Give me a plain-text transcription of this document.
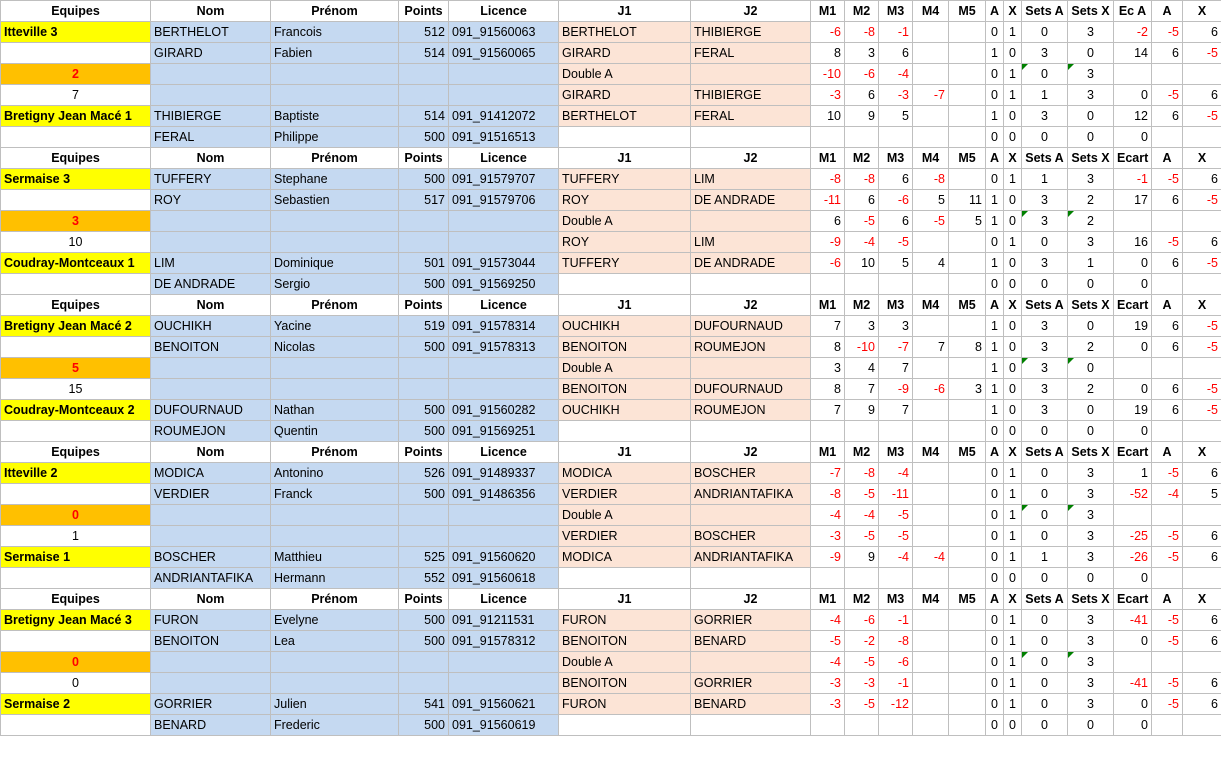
Equipes	Nom	Prénom	Points	Licence	J1	J2	M1	M2	M3	M4	M5	A	X	Sets A	Sets X	Ec A	A	X
Itteville 3	BERTHELOT	Francois	512	091_91560063	BERTHELOT	THIBIERGE	-6	-8	-1			0	1	0	3	-2	-5	6
	GIRARD	Fabien	514	091_91560065	GIRARD	FERAL	8	3	6			1	0	3	0	14	6	-5
2					Double A		-10	-6	-4			0	1	0	3			
7					GIRARD	THIBIERGE	-3	6	-3	-7		0	1	1	3	0	-5	6
Bretigny Jean Macé 1	THIBIERGE	Baptiste	514	091_91412072	BERTHELOT	FERAL	10	9	5			1	0	3	0	12	6	-5
	FERAL	Philippe	500	091_91516513								0	0	0	0	0		
Equipes	Nom	Prénom	Points	Licence	J1	J2	M1	M2	M3	M4	M5	A	X	Sets A	Sets X	Ecart	A	X
Sermaise 3	TUFFERY	Stephane	500	091_91579707	TUFFERY	LIM	-8	-8	6	-8		0	1	1	3	-1	-5	6
	ROY	Sebastien	517	091_91579706	ROY	DE ANDRADE	-11	6	-6	5	11	1	0	3	2	17	6	-5
3					Double A		6	-5	6	-5	5	1	0	3	2			
10					ROY	LIM	-9	-4	-5			0	1	0	3	16	-5	6
Coudray-Montceaux 1	LIM	Dominique	501	091_91573044	TUFFERY	DE ANDRADE	-6	10	5	4		1	0	3	1	0	6	-5
	DE ANDRADE	Sergio	500	091_91569250								0	0	0	0	0		
Equipes	Nom	Prénom	Points	Licence	J1	J2	M1	M2	M3	M4	M5	A	X	Sets A	Sets X	Ecart	A	X
Bretigny Jean Macé 2	OUCHIKH	Yacine	519	091_91578314	OUCHIKH	DUFOURNAUD	7	3	3			1	0	3	0	19	6	-5
	BENOITON	Nicolas	500	091_91578313	BENOITON	ROUMEJON	8	-10	-7	7	8	1	0	3	2	0	6	-5
5					Double A		3	4	7			1	0	3	0			
15					BENOITON	DUFOURNAUD	8	7	-9	-6	3	1	0	3	2	0	6	-5
Coudray-Montceaux 2	DUFOURNAUD	Nathan	500	091_91560282	OUCHIKH	ROUMEJON	7	9	7			1	0	3	0	19	6	-5
	ROUMEJON	Quentin	500	091_91569251								0	0	0	0	0		
Equipes	Nom	Prénom	Points	Licence	J1	J2	M1	M2	M3	M4	M5	A	X	Sets A	Sets X	Ecart	A	X
Itteville 2	MODICA	Antonino	526	091_91489337	MODICA	BOSCHER	-7	-8	-4			0	1	0	3	1	-5	6
	VERDIER	Franck	500	091_91486356	VERDIER	ANDRIANTAFIKA	-8	-5	-11			0	1	0	3	-52	-4	5
0					Double A		-4	-4	-5			0	1	0	3			
1					VERDIER	BOSCHER	-3	-5	-5			0	1	0	3	-25	-5	6
Sermaise 1	BOSCHER	Matthieu	525	091_91560620	MODICA	ANDRIANTAFIKA	-9	9	-4	-4		0	1	1	3	-26	-5	6
	ANDRIANTAFIKA	Hermann	552	091_91560618								0	0	0	0	0		
Equipes	Nom	Prénom	Points	Licence	J1	J2	M1	M2	M3	M4	M5	A	X	Sets A	Sets X	Ecart	A	X
Bretigny Jean Macé 3	FURON	Evelyne	500	091_91211531	FURON	GORRIER	-4	-6	-1			0	1	0	3	-41	-5	6
	BENOITON	Lea	500	091_91578312	BENOITON	BENARD	-5	-2	-8			0	1	0	3	0	-5	6
0					Double A		-4	-5	-6			0	1	0	3			
0					BENOITON	GORRIER	-3	-3	-1			0	1	0	3	-41	-5	6
Sermaise 2	GORRIER	Julien	541	091_91560621	FURON	BENARD	-3	-5	-12			0	1	0	3	0	-5	6
	BENARD	Frederic	500	091_91560619								0	0	0	0	0		
